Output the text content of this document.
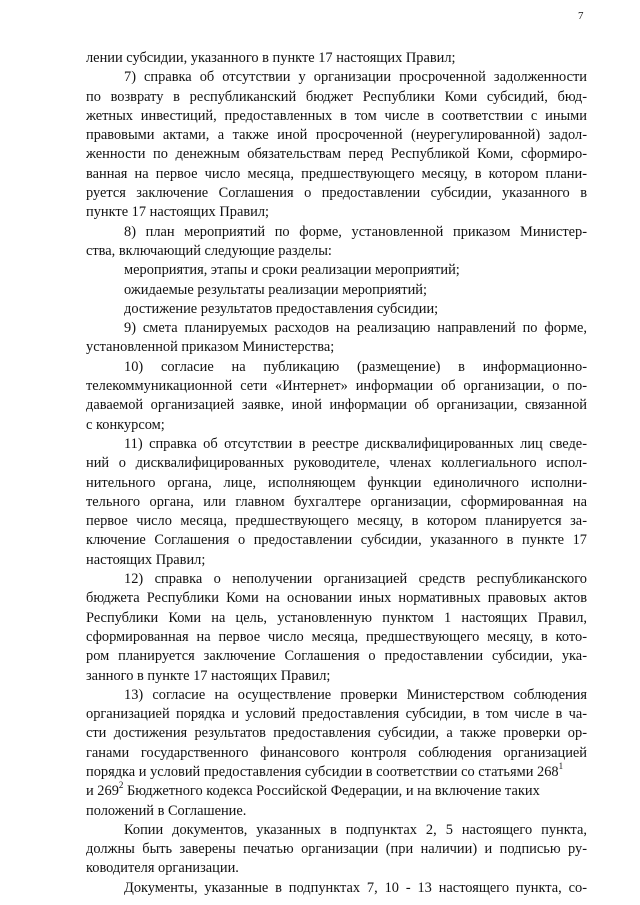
7
лении субсидии, указанного в пункте 17 настоящих Правил;
7) справка об отсутствии у организации просроченной задолженности
по возврату в республиканский бюджет Республики Коми субсидий, бюд-
жетных инвестиций, предоставленных в том числе в соответствии с иными
правовыми актами, а также иной просроченной (неурегулированной) задол-
женности по денежным обязательствам перед Республикой Коми, сформиро-
ванная на первое число месяца, предшествующего месяцу, в котором плани-
руется заключение Соглашения о предоставлении субсидии, указанного в
пункте 17 настоящих Правил;
8) план мероприятий по форме, установленной приказом Министер-
ства, включающий следующие разделы:
мероприятия, этапы и сроки реализации мероприятий;
ожидаемые результаты реализации мероприятий;
достижение результатов предоставления субсидии;
9) смета планируемых расходов на реализацию направлений по форме,
установленной приказом Министерства;
10) согласие на публикацию (размещение) в информационно-
телекоммуникационной сети «Интернет» информации об организации, о по-
даваемой организацией заявке, иной информации об организации, связанной
с конкурсом;
11) справка об отсутствии в реестре дисквалифицированных лиц сведе-
ний о дисквалифицированных руководителе, членах коллегиального испол-
нительного органа, лице, исполняющем функции единоличного исполни-
тельного органа, или главном бухгалтере организации, сформированная на
первое число месяца, предшествующего месяцу, в котором планируется за-
ключение Соглашения о предоставлении субсидии, указанного в пункте 17
настоящих Правил;
12) справка о неполучении организацией средств республиканского
бюджета Республики Коми на основании иных нормативных правовых актов
Республики Коми на цель, установленную пунктом 1 настоящих Правил,
сформированная на первое число месяца, предшествующего месяцу, в кото-
ром планируется заключение Соглашения о предоставлении субсидии, ука-
занного в пункте 17 настоящих Правил;
13) согласие на осуществление проверки Министерством соблюдения
организацией порядка и условий предоставления субсидии, в том числе в ча-
сти достижения результатов предоставления субсидии, а также проверки ор-
ганами государственного финансового контроля соблюдения организацией
порядка и условий предоставления субсидии в соответствии со статьями $268^1$
и $269^2$ Бюджетного кодекса Российской Федерации, и на включение таких
положений в Соглашение.
Копии документов, указанных в подпунктах 2, 5 настоящего пункта,
должны быть заверены печатью организации (при наличии) и подписью ру-
ководителя организации.
Документы, указанные в подпунктах 7, 10 - 13 настоящего пункта, со-
